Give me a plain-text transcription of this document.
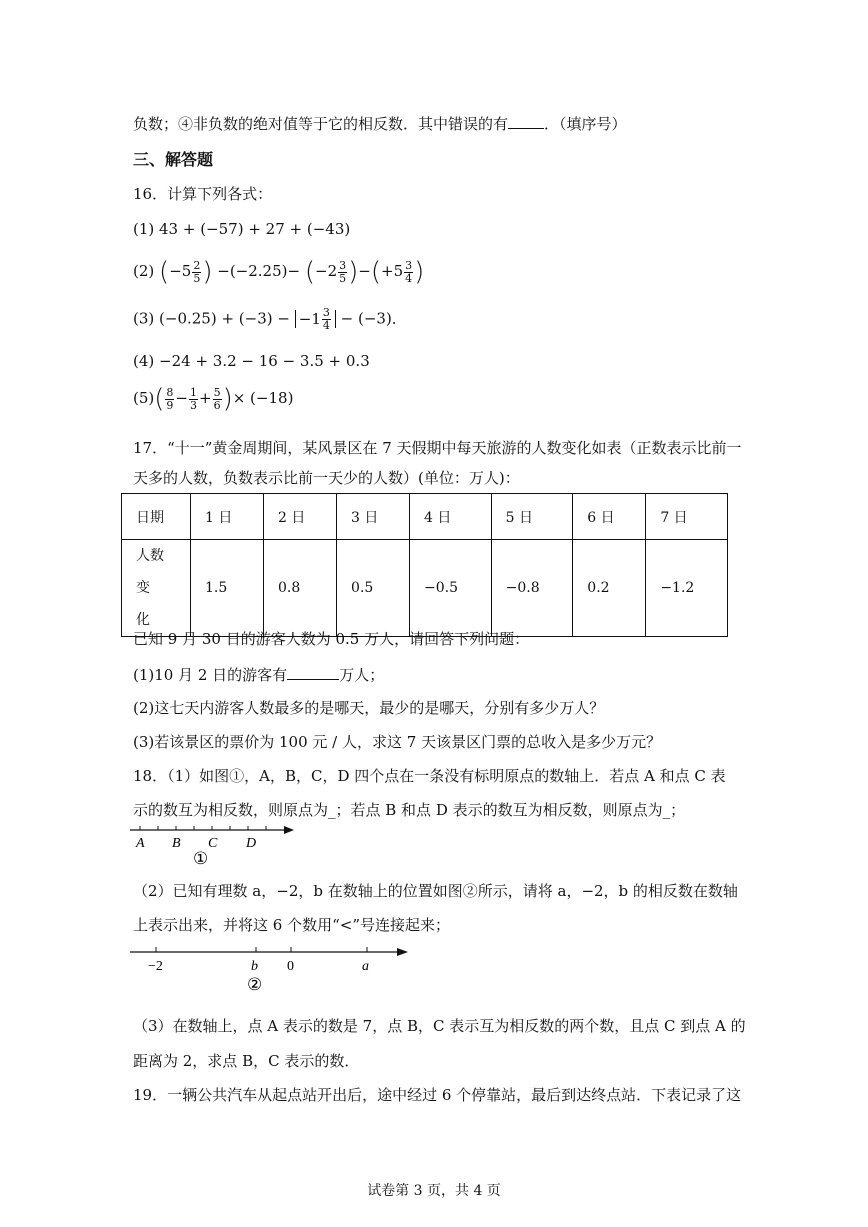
负数；④非负数的绝对值等于它的相反数．其中错误的有 ．（填序号）
三、解答题
16．计算下列各式：
(1) 43 + (−57) + 27 + (−43)
(2) ($-5 \frac{2}{5}$ ) $-(-2.25)- (-2 \frac{3}{5} )-(+5 \frac{3}{4}$ )
(3) $(-0.25) + (-3) - -1 \frac{3}{4} - (-3)$．
(4) −24 + 3.2 − 16 − 3.5 + 0.3
$(5)( \frac{8}{9} - \frac{1}{3} + \frac{5}{6}$ )× (−18)
17．“十一”黄金周期间，某风景区在 7 天假期中每天旅游的人数变化如表（正数表示比前一
天多的人数，负数表示比前一天少的人数）(单位：万人)：
日期	1 日	2 日	3 日	4 日	5 日	6 日	7 日
人数变
化	1.5	0.8	0.5	−0.5	−0.8	0.2	−1.2
已知 9 月 30 日的游客人数为 0.5 万人，请回答下列问题：
(1)10 月 2 日的游客有	万人；
(2)这七天内游客人数最多的是哪天，最少的是哪天，分别有多少万人？
(3)若该景区的票价为 100 元 / 人，求这 7 天该景区门票的总收入是多少万元？
18．（1）如图①，A，B，C，D 四个点在一条没有标明原点的数轴上．若点 A 和点 C 表
示的数互为相反数，则原点为_；若点 B 和点 D 表示的数互为相反数，则原点为_；
A B C D
①
（2）已知有理数 a，−2，b 在数轴上的位置如图②所示，请将 a，−2，b 的相反数在数轴
上表示出来，并将这 6 个数用“<”号连接起来；
−2	b 0	a
②
（3）在数轴上，点 A 表示的数是 7，点 B，C 表示互为相反数的两个数，且点 C 到点 A 的
距离为 2，求点 B，C 表示的数．
19．一辆公共汽车从起点站开出后，途中经过 6 个停靠站，最后到达终点站．下表记录了这
试卷第 3 页，共 4 页
